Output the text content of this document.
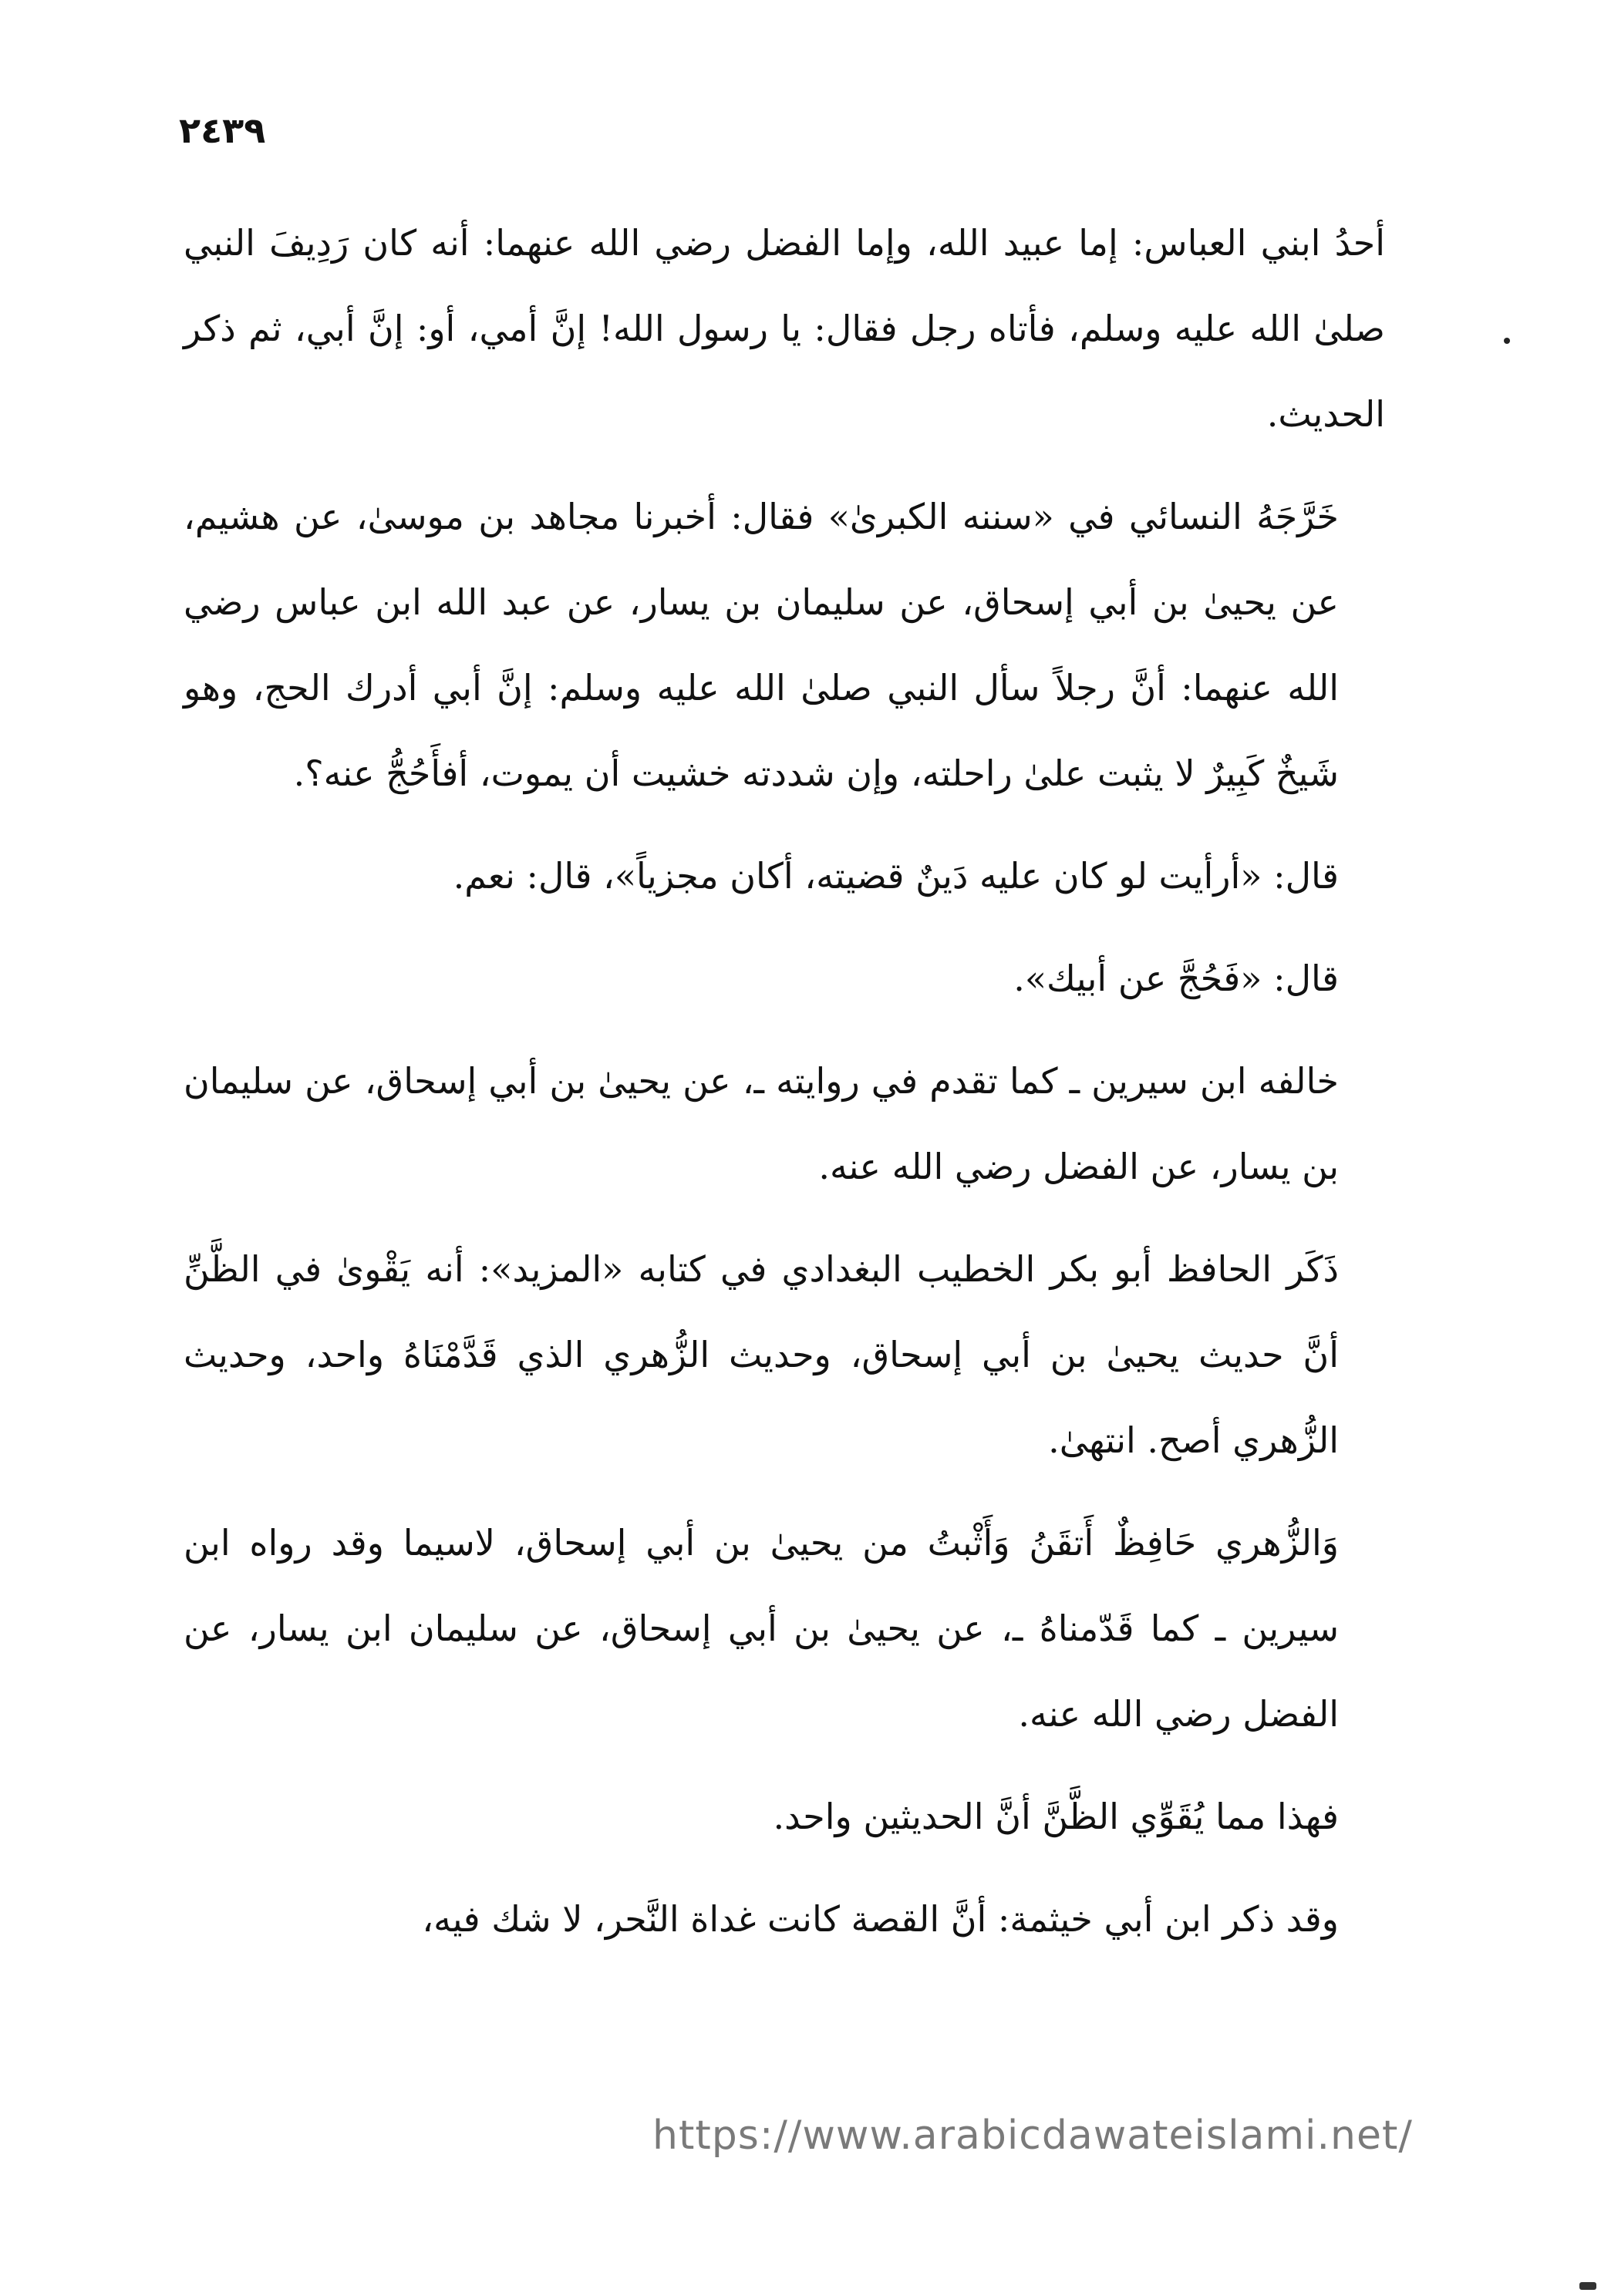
٢٤٣٩

أحدُ ابني العباس: إما عبيد الله، وإما الفضل رضي الله عنهما: أنه كان رَدِيفَ النبي صلىٰ الله عليه وسلم، فأتاه رجل فقال: يا رسول الله! إنَّ أمي، أو: إنَّ أبي، ثم ذكر الحديث.

خَرَّجَهُ النسائي في «سننه الكبرىٰ» فقال: أخبرنا مجاهد بن موسىٰ، عن هشيم، عن يحيىٰ بن أبي إسحاق، عن سليمان بن يسار، عن عبد الله ابن عباس رضي الله عنهما: أنَّ رجلاً سأل النبي صلىٰ الله عليه وسلم: إنَّ أبي أدرك الحج، وهو شَيخٌ كَبِيرٌ لا يثبت علىٰ راحلته، وإن شددته خشيت أن يموت، أفأَحُجُّ عنه؟.

قال: «أرأيت لو كان عليه دَينٌ قضيته، أكان مجزياً»، قال: نعم.

قال: «فَحُجَّ عن أبيك».

خالفه ابن سيرين ـ كما تقدم في روايته ـ، عن يحيىٰ بن أبي إسحاق، عن سليمان بن يسار، عن الفضل رضي الله عنه.

ذَكَر الحافظ أبو بكر الخطيب البغدادي في كتابه «المزيد»: أنه يَقْوىٰ في الظَّنِّ أنَّ حديث يحيىٰ بن أبي إسحاق، وحديث الزُّهري الذي قَدَّمْنَاهُ واحد، وحديث الزُّهري أصح. انتهىٰ.

وَالزُّهري حَافِظٌ أَتقَنُ وَأَثْبتُ من يحيىٰ بن أبي إسحاق، لاسيما وقد رواه ابن سيرين ـ كما قَدّمناهُ ـ، عن يحيىٰ بن أبي إسحاق، عن سليمان ابن يسار، عن الفضل رضي الله عنه.

فهذا مما يُقَوِّي الظَّنَّ أنَّ الحديثين واحد.

وقد ذكر ابن أبي خيثمة: أنَّ القصة كانت غداة النَّحر، لا شك فيه،

https://www.arabicdawateislami.net/
